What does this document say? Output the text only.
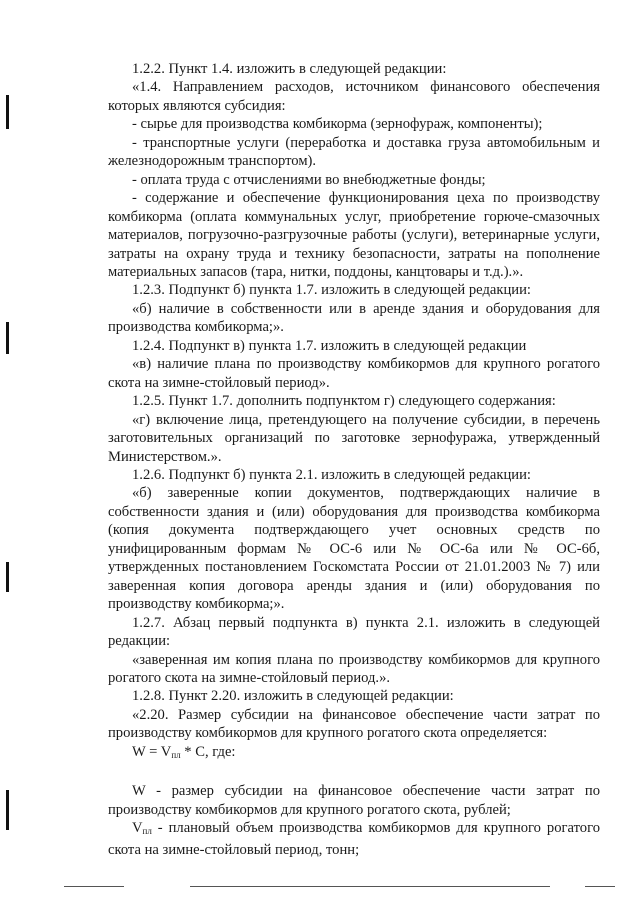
1.2.2. Пункт 1.4. изложить в следующей редакции:

«1.4. Направлением расходов, источником финансового обеспечения которых являются субсидия:

- сырье для производства комбикорма (зернофураж, компоненты);

- транспортные услуги (переработка и доставка груза автомобильным и железнодорожным транспортом).

- оплата труда с отчислениями во внебюджетные фонды;

- содержание и обеспечение функционирования цеха по производству комбикорма (оплата коммунальных услуг, приобретение горюче-смазочных материалов, погрузочно-разгрузочные работы (услуги), ветеринарные услуги, затраты на охрану труда и технику безопасности, затраты на пополнение материальных запасов (тара, нитки, поддоны, канцтовары и т.д.).».

1.2.3. Подпункт б) пункта 1.7. изложить в следующей редакции:

«б) наличие в собственности или в аренде здания и оборудования для производства комбикорма;».

1.2.4. Подпункт в) пункта 1.7. изложить в следующей редакции

«в) наличие плана по производству комбикормов для крупного рогатого скота на зимне-стойловый период».

1.2.5. Пункт 1.7. дополнить подпунктом г) следующего содержания:

«г) включение лица, претендующего на получение субсидии, в перечень заготовительных организаций по заготовке зернофуража, утвержденный Министерством.».

1.2.6. Подпункт б) пункта 2.1. изложить в следующей редакции:

«б) заверенные копии документов, подтверждающих наличие в собственности здания и (или) оборудования для производства комбикорма (копия документа подтверждающего учет основных средств по унифицированным формам № ОС-6 или № ОС-6а или № ОС-6б, утвержденных постановлением Госкомстата России от 21.01.2003 № 7) или заверенная копия договора аренды здания и (или) оборудования по производству комбикорма;».

1.2.7. Абзац первый подпункта в) пункта 2.1. изложить в следующей редакции:

«заверенная им копия плана по производству комбикормов для крупного рогатого скота на зимне-стойловый период.».

1.2.8. Пункт 2.20. изложить в следующей редакции:

«2.20. Размер субсидии на финансовое обеспечение части затрат по производству комбикормов для крупного рогатого скота определяется:

$W = V_{пл} * С$, где:

W - размер субсидии на финансовое обеспечение части затрат по производству комбикормов для крупного рогатого скота, рублей;

$V_{пл}$ - плановый объем производства комбикормов для крупного рогатого скота на зимне-стойловый период, тонн;
